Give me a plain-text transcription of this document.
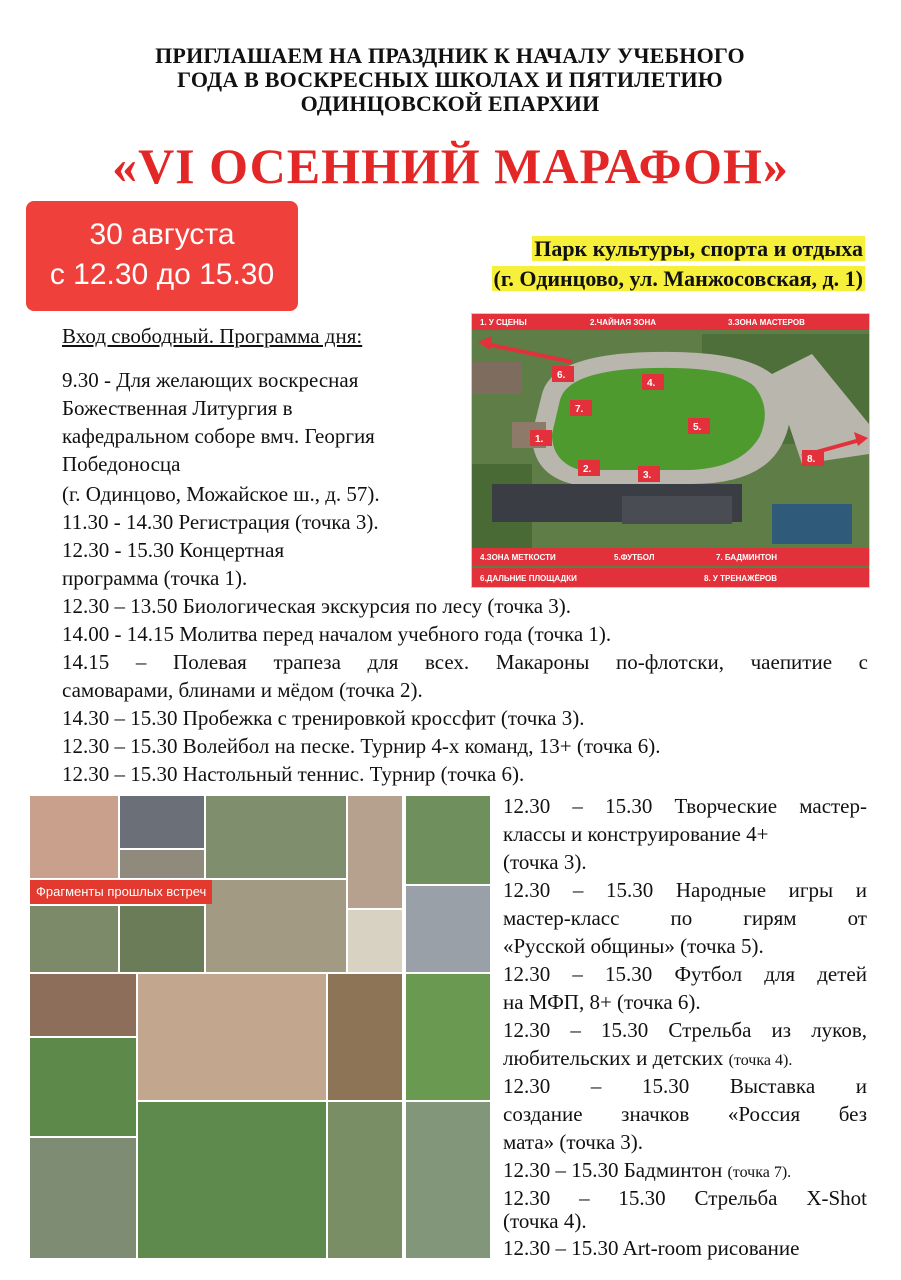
ПРИГЛАШАЕМ НА ПРАЗДНИК К НАЧАЛУ УЧЕБНОГО
ГОДА В ВОСКРЕСНЫХ ШКОЛАХ И ПЯТИЛЕТИЮ
ОДИНЦОВСКОЙ ЕПАРХИИ
«VI ОСЕННИЙ МАРАФОН»
30 августа
с 12.30 до 15.30
Парк культуры, спорта и отдыха
(г. Одинцово, ул. Манжосовская, д. 1)
1. У СЦЕНЫ	2.ЧАЙНАЯ ЗОНА	3.ЗОНА МАСТЕРОВ
1.
2.
3.
4.
5.
6.
7.
8.
4.ЗОНА МЕТКОСТИ	5.ФУТБОЛ	7. БАДМИНТОН
6.ДАЛЬНИЕ ПЛОЩАДКИ	8. У ТРЕНАЖЁРОВ
Вход свободный. Программа дня:
9.30 - Для желающих воскресная
Божественная Литургия в
кафедральном соборе вмч. Георгия
Победоносца
(г. Одинцово, Можайское ш., д. 57).
11.30 - 14.30 Регистрация (точка 3).
12.30 - 15.30 Концертная
программа (точка 1).
12.30 – 13.50 Биологическая экскурсия по лесу (точка 3).
14.00 - 14.15 Молитва перед началом учебного года (точка 1).
14.15 – Полевая трапеза для всех. Макароны по-флотски, чаепитие с
самоварами, блинами и мёдом (точка 2).
14.30 – 15.30 Пробежка с тренировкой кроссфит (точка 3).
12.30 – 15.30 Волейбол на песке. Турнир 4-х команд, 13+ (точка 6).
12.30 – 15.30 Настольный теннис. Турнир (точка 6).
Фрагменты прошлых встреч
12.30 – 15.30 Творческие мастер-
классы и конструирование 4+
(точка 3).
12.30 – 15.30 Народные игры и
мастер-класс по гирям от
«Русской общины» (точка 5).
12.30 – 15.30 Футбол для детей
на МФП, 8+ (точка 6).
12.30 – 15.30 Стрельба из луков,
любительских и детских (точка 4).
12.30 – 15.30 Выставка и
создание значков «Россия без
мата» (точка 3).
12.30 – 15.30 Бадминтон (точка 7).
12.30 – 15.30 Стрельба X-Shot
(точка 4).
12.30 – 15.30 Art-room рисование
